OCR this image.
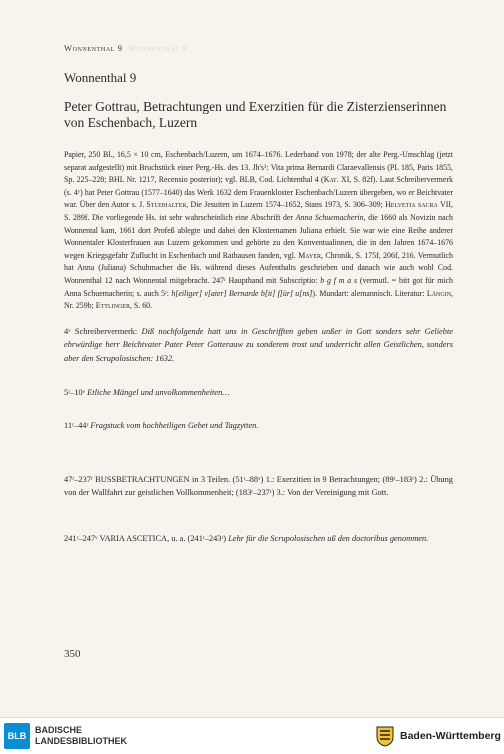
Wonnenthal 9 Wonnenthal 9
Wonnenthal 9
Peter Gottrau, Betrachtungen und Exerzitien für die Zisterzienserinnen von Eschenbach, Luzern
Papier, 250 Bl., 16,5 × 10 cm, Eschenbach/Luzern, um 1674–1676. Lederband von 1978; der alte Perg.-Umschlag (jetzt separat aufgestellt) mit Bruchstück einer Perg.-Hs. des 13. Jh's¹: Vita prima Bernardi Claraevallensis (PL 185, Paris 1855, Sp. 225–228; BHL Nr. 1217, Recensio posterior); vgl. BLB, Cod. Lichtenthal 4 (Kat. XI, S. 82f). Laut Schreibervermerk (s. 4ᵛ) hat Peter Gottrau (1577–1640) das Werk 1632 dem Frauenkloster Eschenbach/Luzern übergeben, wo er Beichtvater war. Über den Autor s. J. Studhalter, Die Jesuiten in Luzern 1574–1652, Stans 1973, S. 306–309; Helvetia sacra VII, S. 289f. Die vorliegende Hs. ist sehr wahrscheinlich eine Abschrift der Anna Schuemacherin, die 1660 als Novizin nach Wonnental kam, 1661 dort Profeß ablegte und dabei den Klosternamen Juliana erhielt. Sie war wie eine Reihe anderer Wonnentaler Klosterfrauen aus Luzern gekommen und gehörte zu den Konventualinnen, die in den Jahren 1674–1676 wegen Kriegsgefahr Zuflucht in Eschenbach und Rathausen fanden, vgl. Mayer, Chronik, S. 175f, 206f, 216. Vermutlich hat Anna (Juliana) Schuhmacher die Hs. während dieses Aufenthalts geschrieben und danach wie auch wohl Cod. Wonnenthal 12 nach Wonnental mitgebracht. 247ʳ Haupthand mit Subscriptio: b g f m a s (vermutl. = bitt got für mich Anna Schuemacherin; s. auch 5ʳ: h[eiliger] v[ater] Bernarde b[it] f[ür] u[ns]). Mundart: alemannisch. Literatur: Längin, Nr. 259b; Ettlinger, S. 60.
4ᵛ Schreibervermerk: Diß nochfolgende hatt uns in Geschrifften geben unßer in Gott sonders sehr Geliebte ehrwürdige herr Beichtvater Pater Peter Gotterauw zu sonderem trost und underricht allen Geistlichen, sonders aber den Scrupolosischen: 1632.
5ʳ–10ᵛ Etliche Mängel und unvolkommenheiten…
11ʳ–44ʳ Fragstuck vom hochheiligen Gebet und Tagzytten.
47ʳ–237ʳ BUSSBETRACHTUNGEN in 3 Teilen. (51ʳ–88ᵛ) 1.: Exerzitien in 9 Betrachtungen; (89ʳ–183ʳ) 2.: Übung von der Wallfahrt zur geistlichen Vollkommenheit; (183ʳ–237ʳ) 3.: Von der Vereinigung mit Gott.
241ʳ–247ᵛ VARIA ASCETICA, u. a. (241ʳ–243ʳ) Lehr für die Scrupolosischen uß den doctoribus genommen.
350
BLB
BADISCHE
LANDESBIBLIOTHEK	Baden-Württemberg
